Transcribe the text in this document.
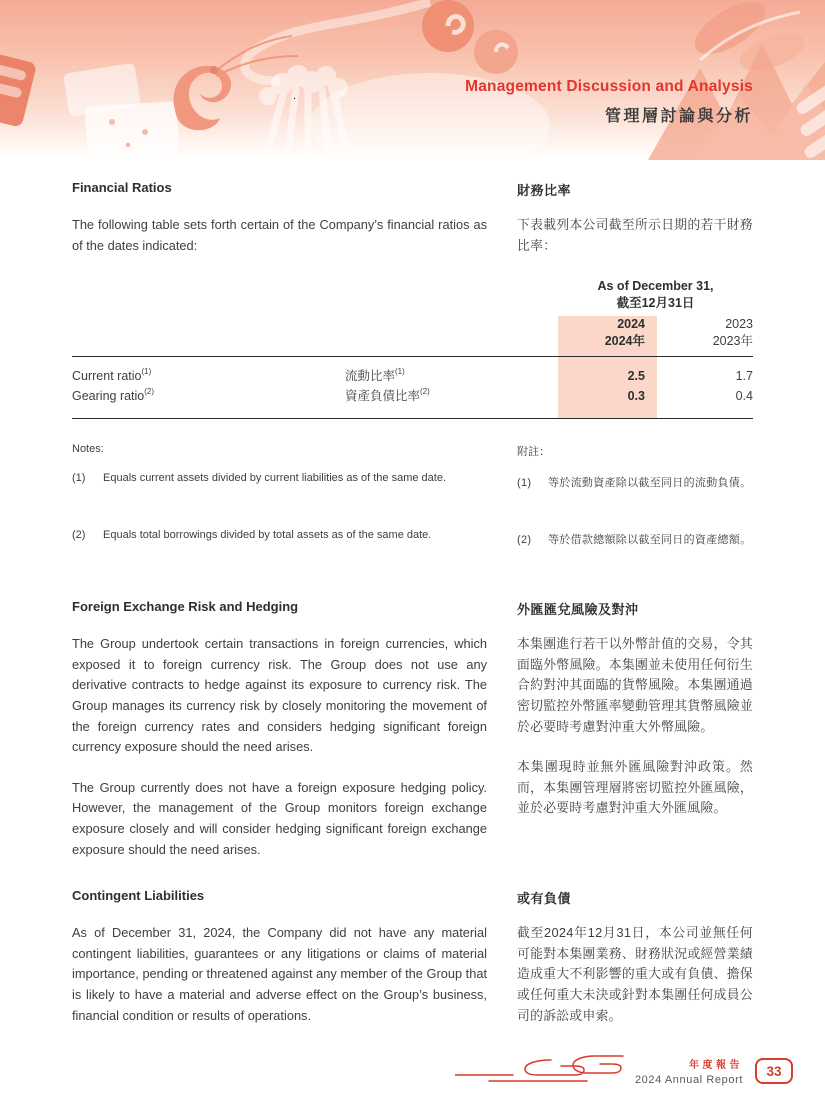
Management Discussion and Analysis
管理層討論與分析
.
Financial Ratios	財務比率

The following table sets forth certain of the Company’s financial ratios as of the dates indicated:

下表載列本公司截至所示日期的若干財務比率：

As of December 31,
截至12月31日
2024
2024年
2023
2023年
Current ratio$^{(1)}$	流動比率$^{(1)}$	2.5	1.7
Gearing ratio$^{(2)}$	資產負債比率$^{(2)}$	0.3	0.4
Notes:
(1)	Equals current assets divided by current liabilities as of the same date.
(2)	Equals total borrowings divided by total assets as of the same date.
附註：
(1)	等於流動資產除以截至同日的流動負債。
(2)	等於借款總額除以截至同日的資產總額。
Foreign Exchange Risk and Hedging	外匯匯兌風險及對沖

The Group undertook certain transactions in foreign currencies, which exposed it to foreign currency risk. The Group does not use any derivative contracts to hedge against its exposure to currency risk. The Group manages its currency risk by closely monitoring the movement of the foreign currency rates and considers hedging significant foreign currency exposure should the need arises.

The Group currently does not have a foreign exposure hedging policy. However, the management of the Group monitors foreign exchange exposure closely and will consider hedging significant foreign exchange exposure should the need arises.

本集團進行若干以外幣計值的交易，令其面臨外幣風險。本集團並未使用任何衍生合約對沖其面臨的貨幣風險。本集團通過密切監控外幣匯率變動管理其貨幣風險並於必要時考慮對沖重大外幣風險。

本集團現時並無外匯風險對沖政策。然而，本集團管理層將密切監控外匯風險，並於必要時考慮對沖重大外匯風險。

Contingent Liabilities	或有負債

As of December 31, 2024, the Company did not have any material contingent liabilities, guarantees or any litigations or claims of material importance, pending or threatened against any member of the Group that is likely to have a material and adverse effect on the Group’s business, financial condition or results of operations.

截至2024年12月31日，本公司並無任何可能對本集團業務、財務狀況或經營業績造成重大不利影響的重大或有負債、擔保或任何重大未決或針對本集團任何成員公司的訴訟或申索。

年度報告
2024 Annual Report
33
